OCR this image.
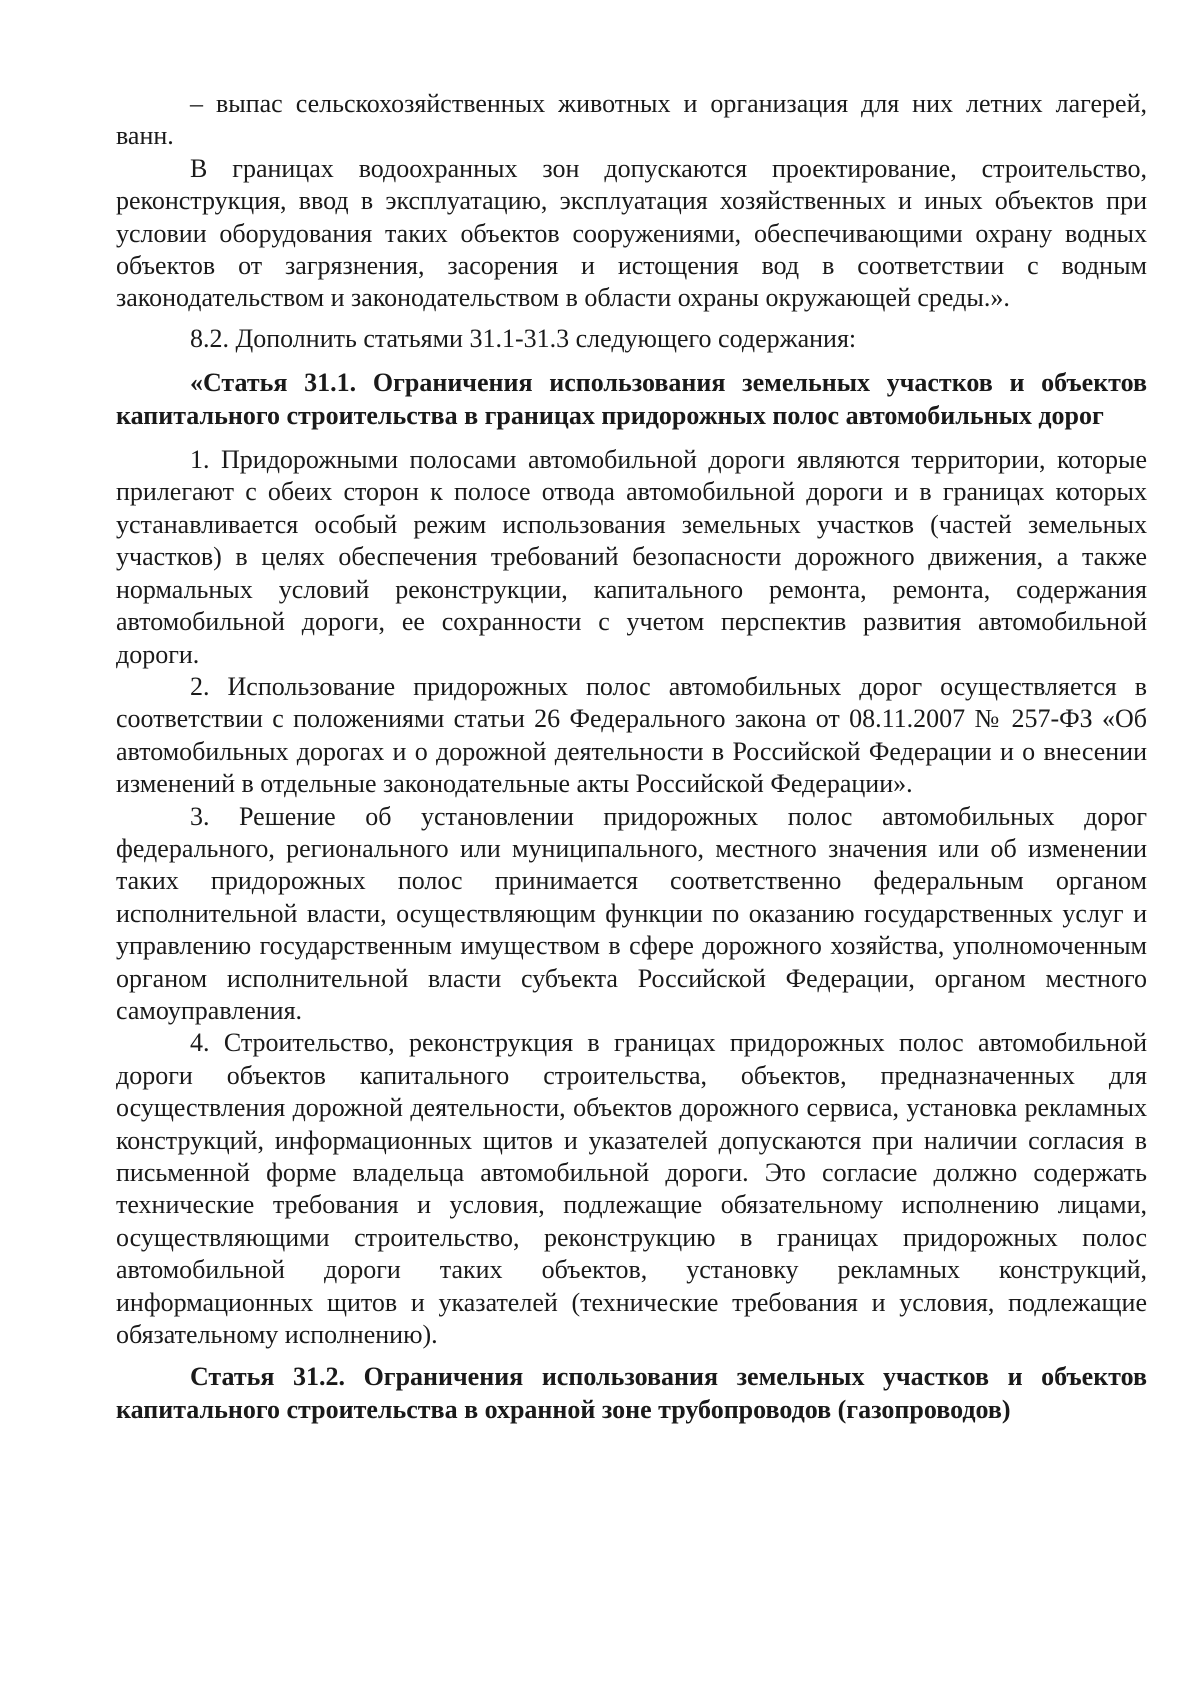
– выпас сельскохозяйственных животных и организация для них летних лагерей, ванн.

В границах водоохранных зон допускаются проектирование, строительство, реконструкция, ввод в эксплуатацию, эксплуатация хозяйственных и иных объектов при условии оборудования таких объектов сооружениями, обеспечивающими охрану водных объектов от загрязнения, засорения и истощения вод в соответствии с водным законодательством и законодательством в области охраны окружающей среды.».

8.2. Дополнить статьями 31.1-31.3 следующего содержания:

«Статья 31.1. Ограничения использования земельных участков и объектов капитального строительства в границах придорожных полос автомобильных дорог

1. Придорожными полосами автомобильной дороги являются территории, которые прилегают с обеих сторон к полосе отвода автомобильной дороги и в границах которых устанавливается особый режим использования земельных участков (частей земельных участков) в целях обеспечения требований безопасности дорожного движения, а также нормальных условий реконструкции, капитального ремонта, ремонта, содержания автомобильной дороги, ее сохранности с учетом перспектив развития автомобильной дороги.

2. Использование придорожных полос автомобильных дорог осуществляется в соответствии с положениями статьи 26 Федерального закона от 08.11.2007 № 257-ФЗ «Об автомобильных дорогах и о дорожной деятельности в Российской Федерации и о внесении изменений в отдельные законодательные акты Российской Федерации».

3. Решение об установлении придорожных полос автомобильных дорог федерального, регионального или муниципального, местного значения или об изменении таких придорожных полос принимается соответственно федеральным органом исполнительной власти, осуществляющим функции по оказанию государственных услуг и управлению государственным имуществом в сфере дорожного хозяйства, уполномоченным органом исполнительной власти субъекта Российской Федерации, органом местного самоуправления.

4. Строительство, реконструкция в границах придорожных полос автомобильной дороги объектов капитального строительства, объектов, предназначенных для осуществления дорожной деятельности, объектов дорожного сервиса, установка рекламных конструкций, информационных щитов и указателей допускаются при наличии согласия в письменной форме владельца автомобильной дороги. Это согласие должно содержать технические требования и условия, подлежащие обязательному исполнению лицами, осуществляющими строительство, реконструкцию в границах придорожных полос автомобильной дороги таких объектов, установку рекламных конструкций, информационных щитов и указателей (технические требования и условия, подлежащие обязательному исполнению).

Статья 31.2. Ограничения использования земельных участков и объектов капитального строительства в охранной зоне трубопроводов (газопроводов)
